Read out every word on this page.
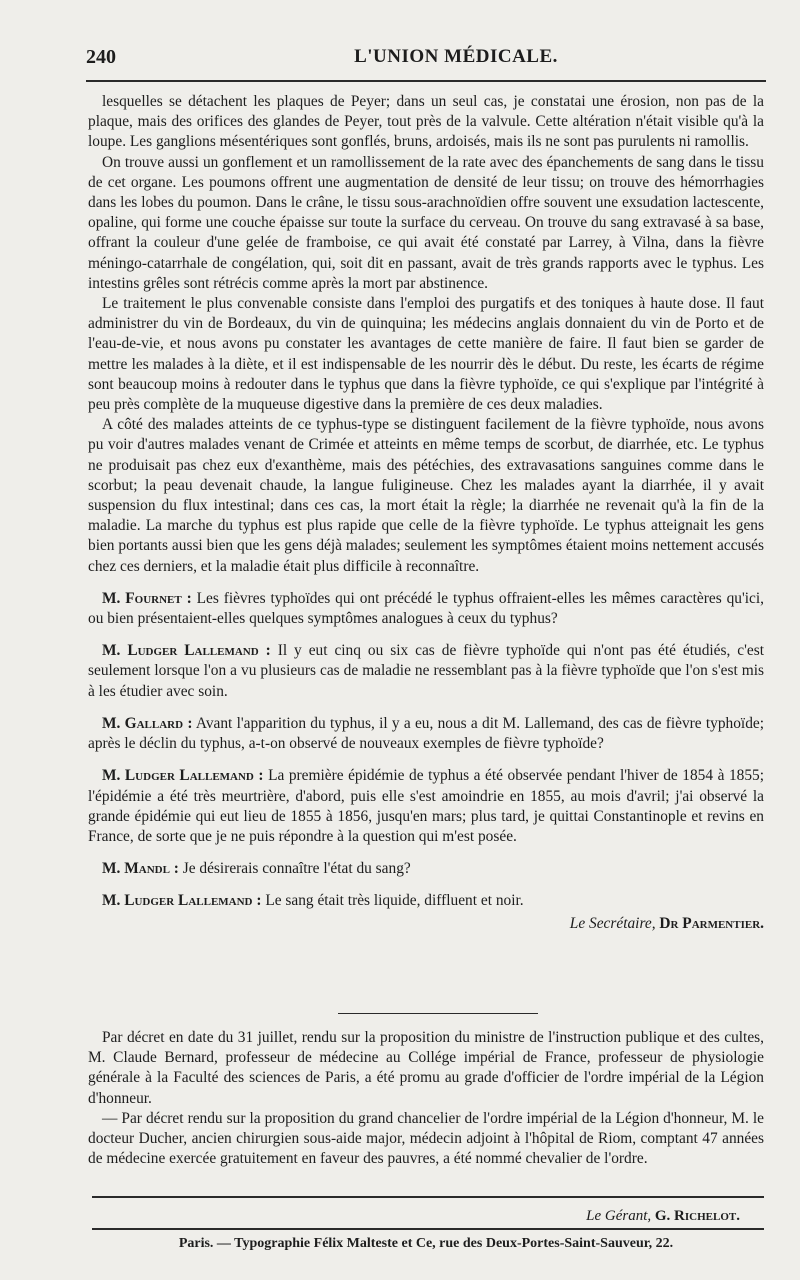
240	L'UNION MÉDICALE.

lesquelles se détachent les plaques de Peyer; dans un seul cas, je constatai une érosion, non pas de la plaque, mais des orifices des glandes de Peyer, tout près de la valvule. Cette altération n'était visible qu'à la loupe. Les ganglions mésentériques sont gonflés, bruns, ardoisés, mais ils ne sont pas purulents ni ramollis.

On trouve aussi un gonflement et un ramollissement de la rate avec des épanchements de sang dans le tissu de cet organe. Les poumons offrent une augmentation de densité de leur tissu; on trouve des hémorrhagies dans les lobes du poumon. Dans le crâne, le tissu sous-arachnoïdien offre souvent une exsudation lactescente, opaline, qui forme une couche épaisse sur toute la surface du cerveau. On trouve du sang extravasé à sa base, offrant la couleur d'une gelée de framboise, ce qui avait été constaté par Larrey, à Vilna, dans la fièvre méningo-catarrhale de congélation, qui, soit dit en passant, avait de très grands rapports avec le typhus. Les intestins grêles sont rétrécis comme après la mort par abstinence.

Le traitement le plus convenable consiste dans l'emploi des purgatifs et des toniques à haute dose. Il faut administrer du vin de Bordeaux, du vin de quinquina; les médecins anglais donnaient du vin de Porto et de l'eau-de-vie, et nous avons pu constater les avantages de cette manière de faire. Il faut bien se garder de mettre les malades à la diète, et il est indispensable de les nourrir dès le début. Du reste, les écarts de régime sont beaucoup moins à redouter dans le typhus que dans la fièvre typhoïde, ce qui s'explique par l'intégrité à peu près complète de la muqueuse digestive dans la première de ces deux maladies.

A côté des malades atteints de ce typhus-type se distinguent facilement de la fièvre typhoïde, nous avons pu voir d'autres malades venant de Crimée et atteints en même temps de scorbut, de diarrhée, etc. Le typhus ne produisait pas chez eux d'exanthème, mais des pétéchies, des extravasations sanguines comme dans le scorbut; la peau devenait chaude, la langue fuligineuse. Chez les malades ayant la diarrhée, il y avait suspension du flux intestinal; dans ces cas, la mort était la règle; la diarrhée ne revenait qu'à la fin de la maladie. La marche du typhus est plus rapide que celle de la fièvre typhoïde. Le typhus atteignait les gens bien portants aussi bien que les gens déjà malades; seulement les symptômes étaient moins nettement accusés chez ces derniers, et la maladie était plus difficile à reconnaître.

M. Fournet : Les fièvres typhoïdes qui ont précédé le typhus offraient-elles les mêmes caractères qu'ici, ou bien présentaient-elles quelques symptômes analogues à ceux du typhus?

M. Ludger Lallemand : Il y eut cinq ou six cas de fièvre typhoïde qui n'ont pas été étudiés, c'est seulement lorsque l'on a vu plusieurs cas de maladie ne ressemblant pas à la fièvre typhoïde que l'on s'est mis à les étudier avec soin.

M. Gallard : Avant l'apparition du typhus, il y a eu, nous a dit M. Lallemand, des cas de fièvre typhoïde; après le déclin du typhus, a-t-on observé de nouveaux exemples de fièvre typhoïde?

M. Ludger Lallemand : La première épidémie de typhus a été observée pendant l'hiver de 1854 à 1855; l'épidémie a été très meurtrière, d'abord, puis elle s'est amoindrie en 1855, au mois d'avril; j'ai observé la grande épidémie qui eut lieu de 1855 à 1856, jusqu'en mars; plus tard, je quittai Constantinople et revins en France, de sorte que je ne puis répondre à la question qui m'est posée.

M. Mandl : Je désirerais connaître l'état du sang?

M. Ludger Lallemand : Le sang était très liquide, diffluent et noir.

Le Secrétaire, Dr Parmentier.

Par décret en date du 31 juillet, rendu sur la proposition du ministre de l'instruction publique et des cultes, M. Claude Bernard, professeur de médecine au Collége impérial de France, professeur de physiologie générale à la Faculté des sciences de Paris, a été promu au grade d'officier de l'ordre impérial de la Légion d'honneur.

— Par décret rendu sur la proposition du grand chancelier de l'ordre impérial de la Légion d'honneur, M. le docteur Ducher, ancien chirurgien sous-aide major, médecin adjoint à l'hôpital de Riom, comptant 47 années de médecine exercée gratuitement en faveur des pauvres, a été nommé chevalier de l'ordre.

Le Gérant, G. Richelot.
Paris. — Typographie Félix Malteste et Ce, rue des Deux-Portes-Saint-Sauveur, 22.
